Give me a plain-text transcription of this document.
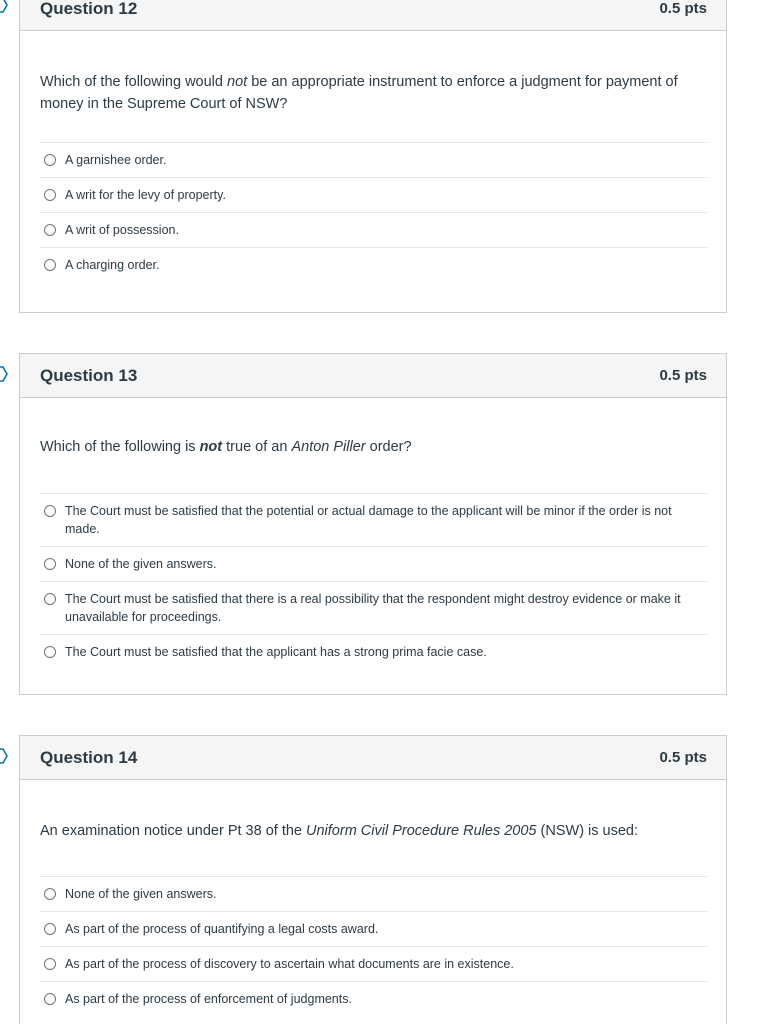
Question 12	0.5 pts
Which of the following would not be an appropriate instrument to enforce a judgment for payment of money in the Supreme Court of NSW?
A garnishee order.
A writ for the levy of property.
A writ of possession.
A charging order.
Question 13	0.5 pts
Which of the following is not true of an Anton Piller order?
The Court must be satisfied that the potential or actual damage to the applicant will be minor if the order is not made.
None of the given answers.
The Court must be satisfied that there is a real possibility that the respondent might destroy evidence or make it unavailable for proceedings.
The Court must be satisfied that the applicant has a strong prima facie case.
Question 14	0.5 pts
An examination notice under Pt 38 of the Uniform Civil Procedure Rules 2005 (NSW) is used:
None of the given answers.
As part of the process of quantifying a legal costs award.
As part of the process of discovery to ascertain what documents are in existence.
As part of the process of enforcement of judgments.
